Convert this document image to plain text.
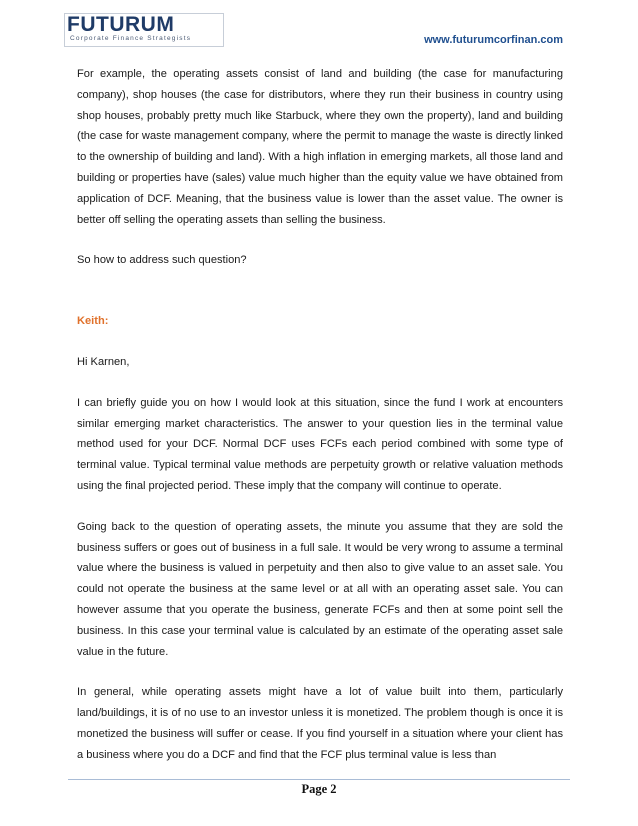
FUTURUM
Corporate Finance Strategists	www.futurumcorfinan.com

For example, the operating assets consist of land and building (the case for manufacturing company), shop houses (the case for distributors, where they run their business in country using shop houses, probably pretty much like Starbuck, where they own the property), land and building (the case for waste management company, where the permit to manage the waste is directly linked to the ownership of building and land). With a high inflation in emerging markets, all those land and building or properties have (sales) value much higher than the equity value we have obtained from application of DCF. Meaning, that the business value is lower than the asset value. The owner is better off selling the operating assets than selling the business.

So how to address such question?

Keith:

Hi Karnen,

I can briefly guide you on how I would look at this situation, since the fund I work at encounters similar emerging market characteristics. The answer to your question lies in the terminal value method used for your DCF. Normal DCF uses FCFs each period combined with some type of terminal value. Typical terminal value methods are perpetuity growth or relative valuation methods using the final projected period. These imply that the company will continue to operate.

Going back to the question of operating assets, the minute you assume that they are sold the business suffers or goes out of business in a full sale. It would be very wrong to assume a terminal value where the business is valued in perpetuity and then also to give value to an asset sale. You could not operate the business at the same level or at all with an operating asset sale. You can however assume that you operate the business, generate FCFs and then at some point sell the business. In this case your terminal value is calculated by an estimate of the operating asset sale value in the future.

In general, while operating assets might have a lot of value built into them, particularly land/buildings, it is of no use to an investor unless it is monetized. The problem though is once it is monetized the business will suffer or cease. If you find yourself in a situation where your client has a business where you do a DCF and find that the FCF plus terminal value is less than

Page 2
